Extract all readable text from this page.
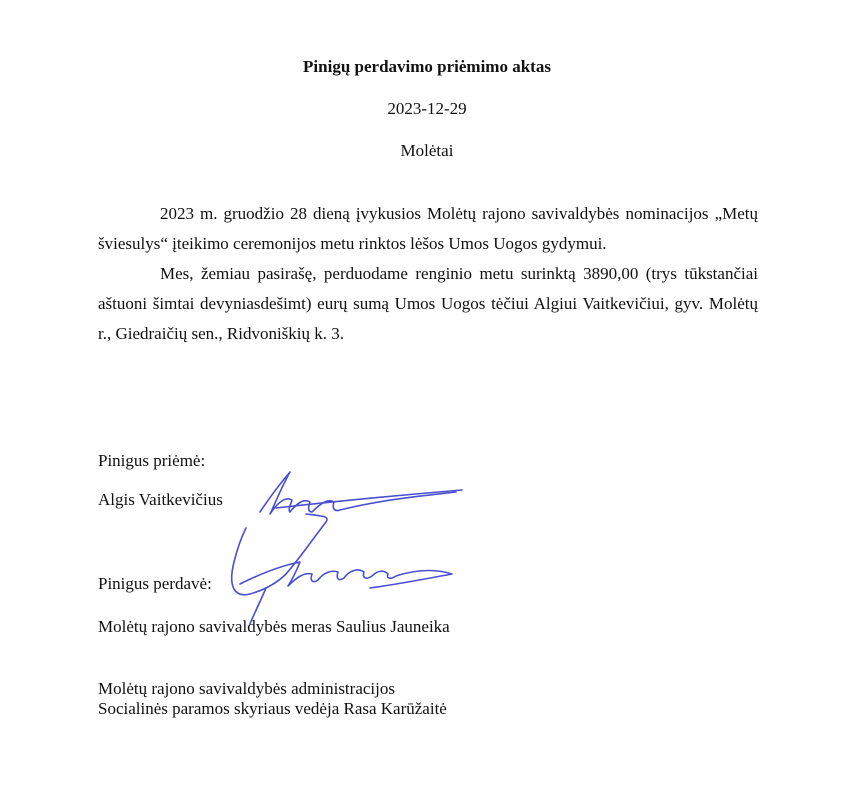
Pinigų perdavimo priėmimo aktas
2023-12-29
Molėtai

2023 m. gruodžio 28 dieną įvykusios Molėtų rajono savivaldybės nominacijos „Metų šviesulys“ įteikimo ceremonijos metu rinktos lėšos Umos Uogos gydymui.

Mes, žemiau pasirašę, perduodame renginio metu surinktą 3890,00 (trys tūkstančiai aštuoni šimtai devyniasdešimt) eurų sumą Umos Uogos tėčiui Algiui Vaitkevičiui, gyv. Molėtų r., Giedraičių sen., Ridvoniškių k. 3.

Pinigus priėmė:

Algis Vaitkevičius

Pinigus perdavė:

Molėtų rajono savivaldybės meras Saulius Jauneika

Molėtų rajono savivaldybės administracijos

Socialinės paramos skyriaus vedėja Rasa Karūžaitė
